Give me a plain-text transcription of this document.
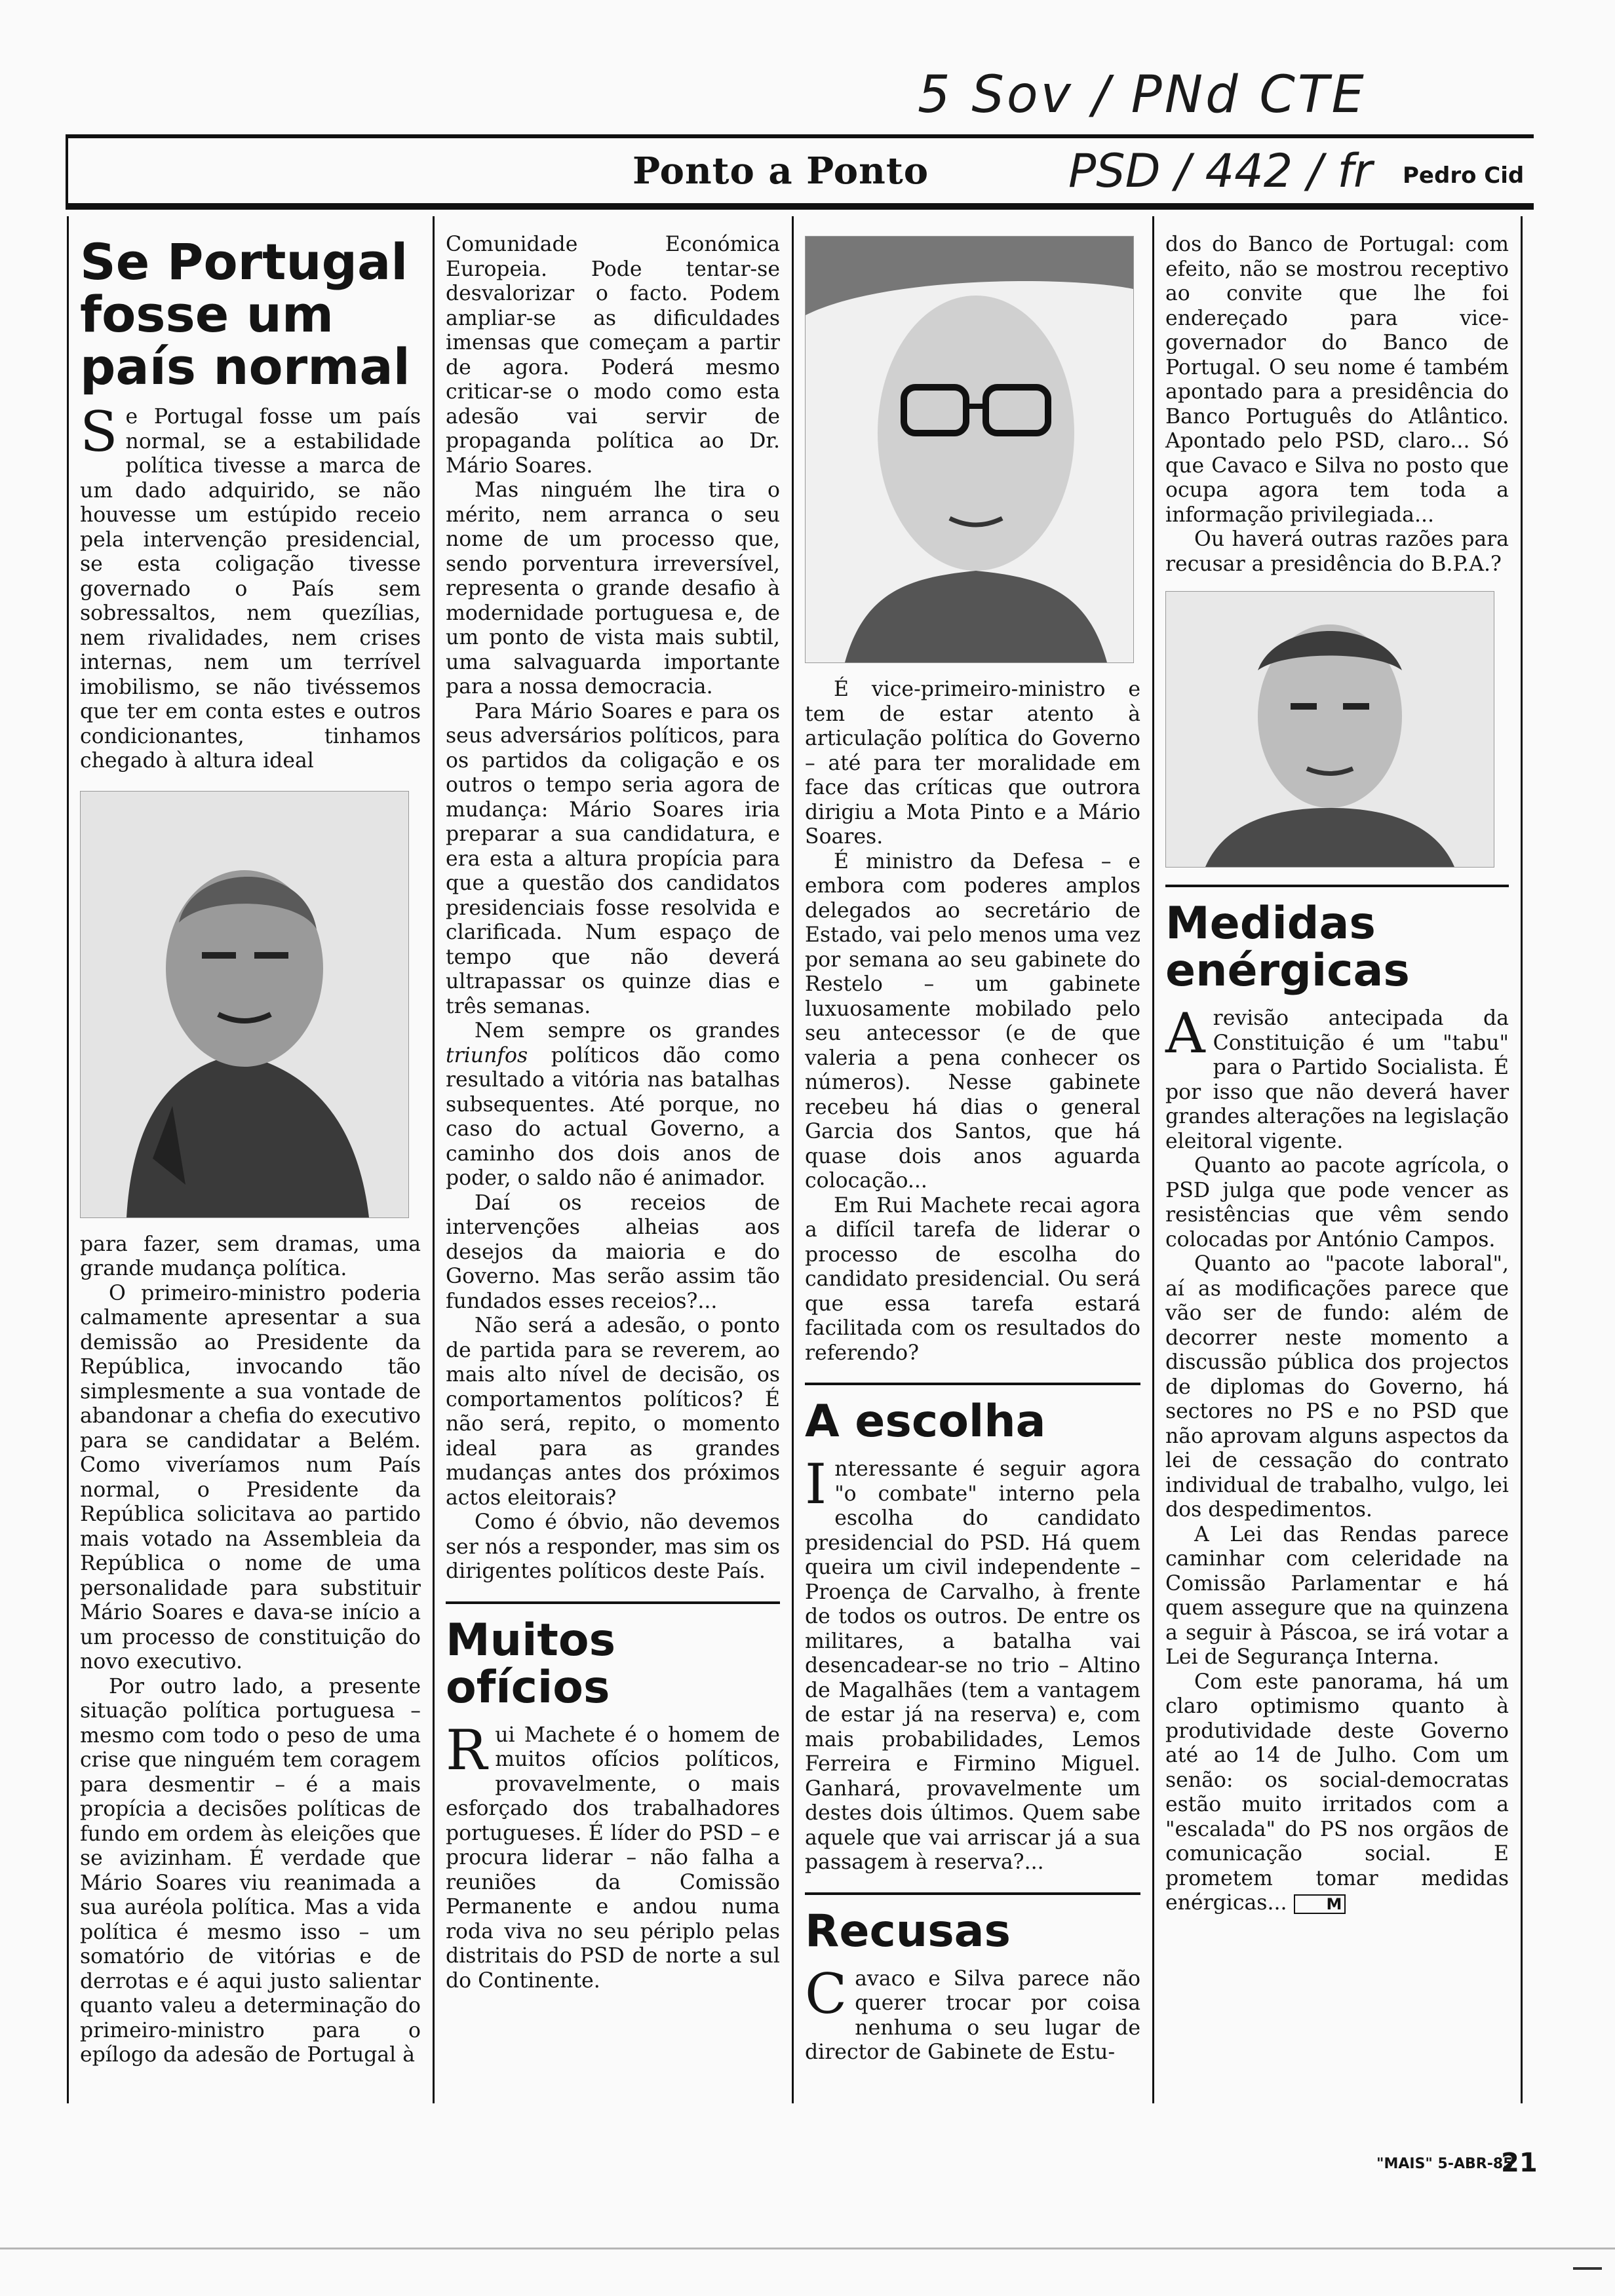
5 Sov / PNd CTE
PSD / 442 / fr
Ponto a Ponto	Pedro Cid
Se Portugal fosse um país normal

Se Portugal fosse um país normal, se a estabilidade política tivesse a marca de um dado adquirido, se não houvesse um estúpido receio pela intervenção presidencial, se esta coligação tivesse governado o País sem sobressaltos, nem quezílias, nem rivalidades, nem crises internas, nem um terrível imobilismo, se não tivéssemos que ter em conta estes e outros condicionantes, tinhamos chegado à altura ideal

para fazer, sem dramas, uma grande mudança política.

O primeiro-ministro poderia calmamente apresentar a sua demissão ao Presidente da República, invocando tão simplesmente a sua vontade de abandonar a chefia do executivo para se candidatar a Belém. Como viveríamos num País normal, o Presidente da República solicitava ao partido mais votado na Assembleia da República o nome de uma personalidade para substituir Mário Soares e dava-se início a um processo de constituição do novo executivo.

Por outro lado, a presente situação política portuguesa – mesmo com todo o peso de uma crise que ninguém tem coragem para desmentir – é a mais propícia a decisões políticas de fundo em ordem às eleições que se avizinham. É verdade que Mário Soares viu reanimada a sua auréola política. Mas a vida política é mesmo isso – um somatório de vitórias e de derrotas e é aqui justo salientar quanto valeu a determinação do primeiro-ministro para o epílogo da adesão de Portugal à

Comunidade Económica Europeia. Pode tentar-se desvalorizar o facto. Podem ampliar-se as dificuldades imensas que começam a partir de agora. Poderá mesmo criticar-se o modo como esta adesão vai servir de propaganda política ao Dr. Mário Soares.

Mas ninguém lhe tira o mérito, nem arranca o seu nome de um processo que, sendo porventura irreversível, representa o grande desafio à modernidade portuguesa e, de um ponto de vista mais subtil, uma salvaguarda importante para a nossa democracia.

Para Mário Soares e para os seus adversários políticos, para os partidos da coligação e os outros o tempo seria agora de mudança: Mário Soares iria preparar a sua candidatura, e era esta a altura propícia para que a questão dos candidatos presidenciais fosse resolvida e clarificada. Num espaço de tempo que não deverá ultrapassar os quinze dias e três semanas.

Nem sempre os grandes triunfos políticos dão como resultado a vitória nas batalhas subsequentes. Até porque, no caso do actual Governo, a caminho dos dois anos de poder, o saldo não é animador.

Daí os receios de intervenções alheias aos desejos da maioria e do Governo. Mas serão assim tão fundados esses receios?...

Não será a adesão, o ponto de partida para se reverem, ao mais alto nível de decisão, os comportamentos políticos? É não será, repito, o momento ideal para as grandes mudanças antes dos próximos actos eleitorais?

Como é óbvio, não devemos ser nós a responder, mas sim os dirigentes políticos deste País.

Muitos ofícios

Rui Machete é o homem de muitos ofícios políticos, provavelmente, o mais esforçado dos trabalhadores portugueses. É líder do PSD – e procura liderar – não falha a reuniões da Comissão Permanente e andou numa roda viva no seu périplo pelas distritais do PSD de norte a sul do Continente.

É vice-primeiro-ministro e tem de estar atento à articulação política do Governo – até para ter moralidade em face das críticas que outrora dirigiu a Mota Pinto e a Mário Soares.

É ministro da Defesa – e embora com poderes amplos delegados ao secretário de Estado, vai pelo menos uma vez por semana ao seu gabinete do Restelo – um gabinete luxuosamente mobilado pelo seu antecessor (e de que valeria a pena conhecer os números). Nesse gabinete recebeu há dias o general Garcia dos Santos, que há quase dois anos aguarda colocação...

Em Rui Machete recai agora a difícil tarefa de liderar o processo de escolha do candidato presidencial. Ou será que essa tarefa estará facilitada com os resultados do referendo?

A escolha

Interessante é seguir agora "o combate" interno pela escolha do candidato presidencial do PSD. Há quem queira um civil independente – Proença de Carvalho, à frente de todos os outros. De entre os militares, a batalha vai desencadear-se no trio – Altino de Magalhães (tem a vantagem de estar já na reserva) e, com mais probabilidades, Lemos Ferreira e Firmino Miguel. Ganhará, provavelmente um destes dois últimos. Quem sabe aquele que vai arriscar já a sua passagem à reserva?...

Recusas

Cavaco e Silva parece não querer trocar por coisa nenhuma o seu lugar de director de Gabinete de Estu-

dos do Banco de Portugal: com efeito, não se mostrou receptivo ao convite que lhe foi endereçado para vice-governador do Banco de Portugal. O seu nome é também apontado para a presidência do Banco Português do Atlântico. Apontado pelo PSD, claro... Só que Cavaco e Silva no posto que ocupa agora tem toda a informação privilegiada...

Ou haverá outras razões para recusar a presidência do B.P.A.?

Medidas enérgicas

Arevisão antecipada da Constituição é um "tabu" para o Partido Socialista. É por isso que não deverá haver grandes alterações na legislação eleitoral vigente.

Quanto ao pacote agrícola, o PSD julga que pode vencer as resistências que vêm sendo colocadas por António Campos.

Quanto ao "pacote laboral", aí as modificações parece que vão ser de fundo: além de decorrer neste momento a discussão pública dos projectos de diplomas do Governo, há sectores no PS e no PSD que não aprovam alguns aspectos da lei de cessação do contrato individual de trabalho, vulgo, lei dos despedimentos.

A Lei das Rendas parece caminhar com celeridade na Comissão Parlamentar e há quem assegure que na quinzena a seguir à Páscoa, se irá votar a Lei de Segurança Interna.

Com este panorama, há um claro optimismo quanto à produtividade deste Governo até ao 14 de Julho. Com um senão: os social-democratas estão muito irritados com a "escalada" do PS nos orgãos de comunicação social. E prometem tomar medidas enérgicas...	M

"MAIS" 5-ABR-85
21
